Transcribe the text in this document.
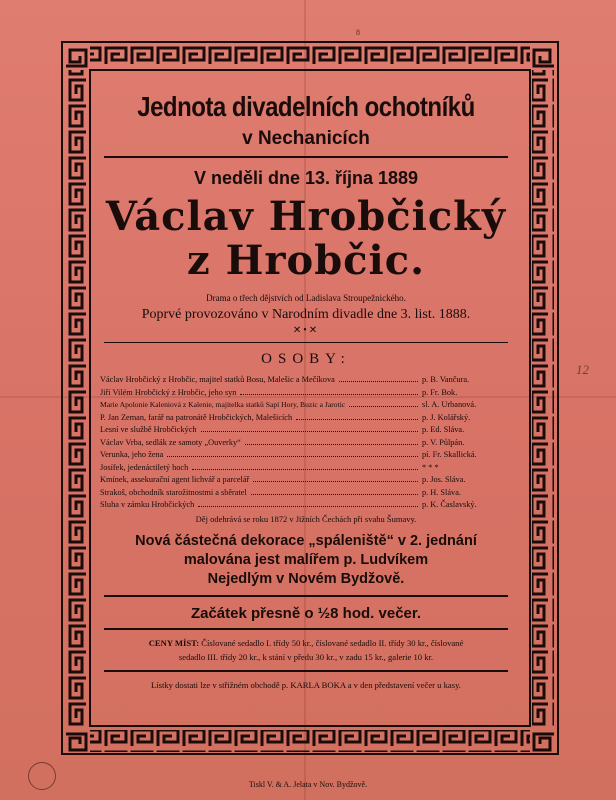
8
Jednota divadelních ochotníků
v Nechanicích
V neděli dne 13. října 1889
Václav Hrobčický
z Hrobčic.
Drama o třech dějstvích od Ladislava Stroupežnického.
Poprvé provozováno v Narodním divadle dne 3. list. 1888.
✕•✕
OSOBY:
Václav Hrobčický z Hrobčic, majitel statků Bosu, Malešic a Mečíkova	p. B. Vančura.
Jiří Vilém Hrobčický z Hrobčic, jeho syn	p. Fr. Bok.
Marie Apolonie Kaleniová z Kalenie, majitelka statků Sapí Hory, Buzic a Jarotic	sl. A. Urbanová.
P. Jan Zeman, farář na patronátě Hrobčických, Malešicích	p. J. Kolářský.
Lesní ve službě Hrobčických	p. Ed. Sláva.
Václav Vrba, sedlák ze samoty „Ouverky“	p. V. Půlpán.
Verunka, jeho žena	pí. Fr. Skallická.
Josífek, jedenáctiletý hoch	* * *
Kmínek, assekurační agent lichvář a parcelář	p. Jos. Sláva.
Strakoš, obchodník starožitnostmi a sběratel	p. H. Sláva.
Sluha v zámku Hrobčických	p. K. Časlavský.
Děj odehrává se roku 1872 v Jižních Čechách při svahu Šumavy.
Nová částečná dekorace „spáleniště“ v 2. jednání malována jest malířem p. Ludvíkem
Nejedlým v Novém Bydžově.
Začátek přesně o ½8 hod. večer.
CENY MÍST: Číslované sedadlo I. třídy 50 kr., číslované sedadlo II. třídy 30 kr., číslované
sedadlo III. třídy 20 kr., k stání v předu 30 kr., v zadu 15 kr., galerie 10 kr.
Lístky dostati lze v střižném obchodě p. KARLA BOKA a v den představení večer u kasy.
12
Tiskl V. & A. Jelata v Nov. Bydžově.
